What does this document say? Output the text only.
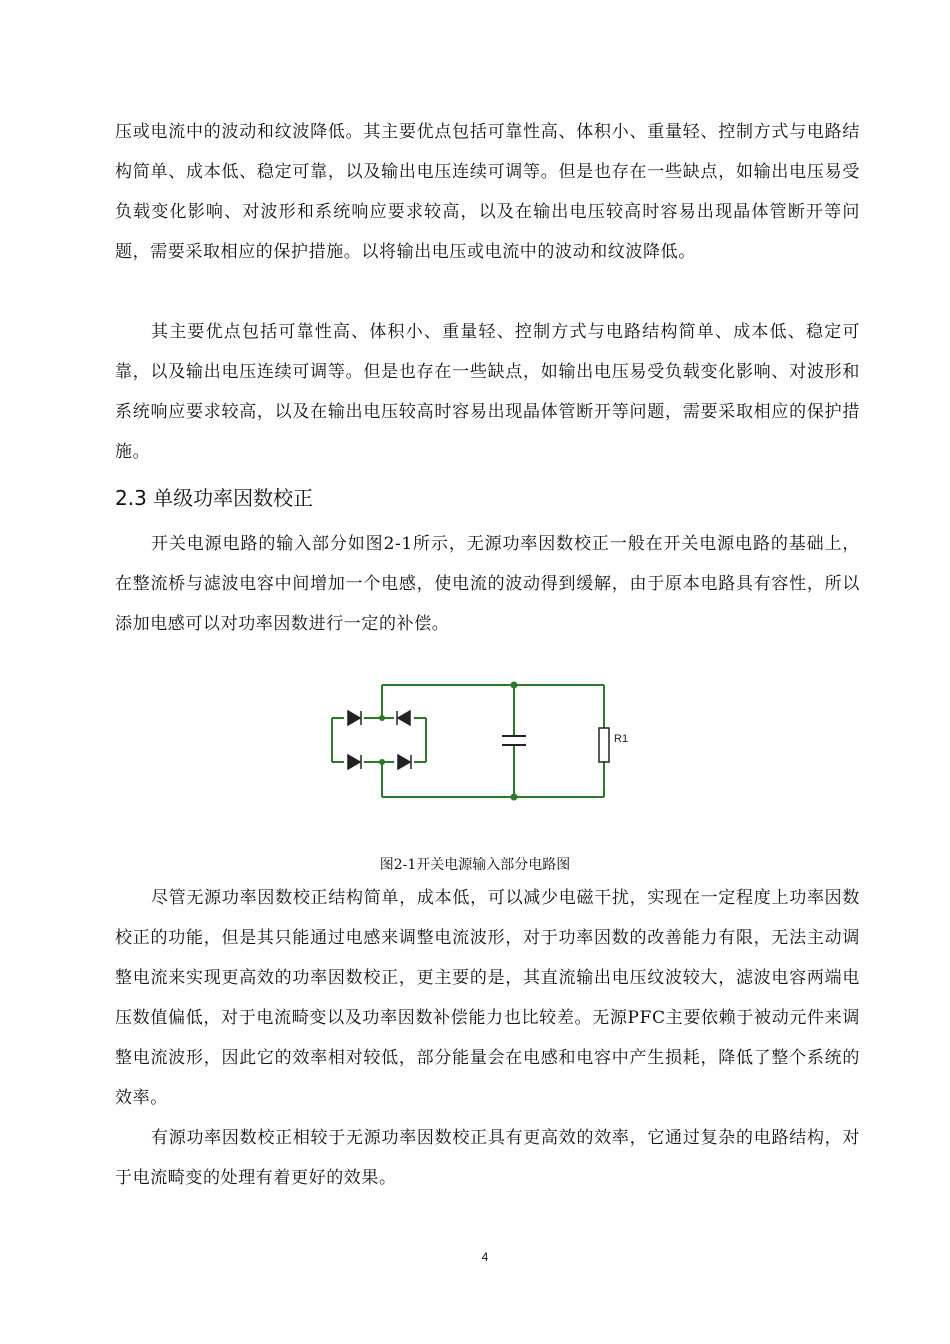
压或电流中的波动和纹波降低。其主要优点包括可靠性高、体积小、重量轻、控制方式与电路结构简单、成本低、稳定可靠，以及输出电压连续可调等。但是也存在一些缺点，如输出电压易受负载变化影响、对波形和系统响应要求较高，以及在输出电压较高时容易出现晶体管断开等问题，需要采取相应的保护措施。以将输出电压或电流中的波动和纹波降低。

其主要优点包括可靠性高、体积小、重量轻、控制方式与电路结构简单、成本低、稳定可靠，以及输出电压连续可调等。但是也存在一些缺点，如输出电压易受负载变化影响、对波形和系统响应要求较高，以及在输出电压较高时容易出现晶体管断开等问题，需要采取相应的保护措施。

2.3 单级功率因数校正

开关电源电路的输入部分如图2-1所示，无源功率因数校正一般在开关电源电路的基础上，在整流桥与滤波电容中间增加一个电感，使电流的波动得到缓解，由于原本电路具有容性，所以添加电感可以对功率因数进行一定的补偿。

R1
图2-1开关电源输入部分电路图

尽管无源功率因数校正结构简单，成本低，可以减少电磁干扰，实现在一定程度上功率因数校正的功能，但是其只能通过电感来调整电流波形，对于功率因数的改善能力有限，无法主动调整电流来实现更高效的功率因数校正，更主要的是，其直流输出电压纹波较大，滤波电容两端电压数值偏低，对于电流畸变以及功率因数补偿能力也比较差。无源PFC主要依赖于被动元件来调整电流波形，因此它的效率相对较低，部分能量会在电感和电容中产生损耗，降低了整个系统的效率。

有源功率因数校正相较于无源功率因数校正具有更高效的效率，它通过复杂的电路结构，对于电流畸变的处理有着更好的效果。

4
